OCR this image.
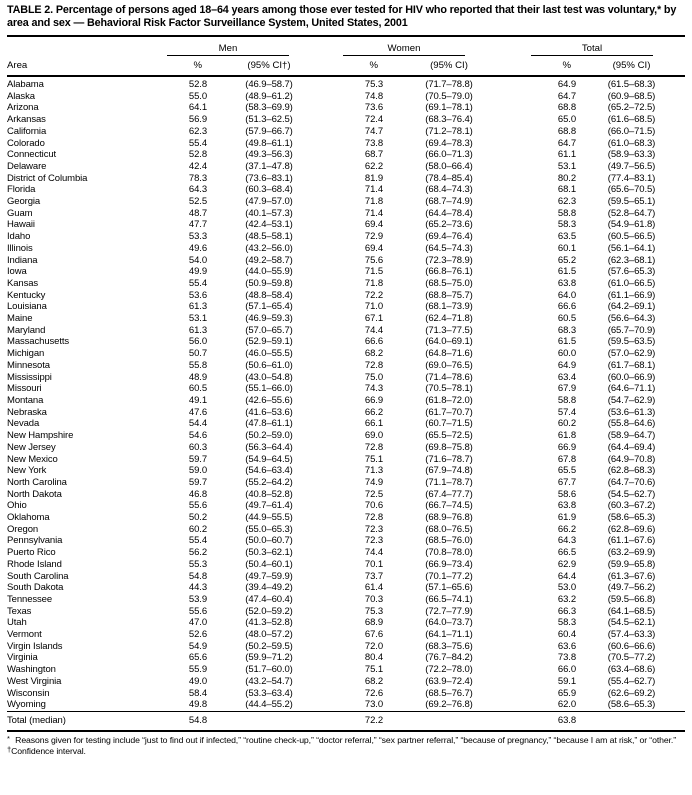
TABLE 2. Percentage of persons aged 18–64 years among those ever tested for HIV who reported that their last test was voluntary,* by area and sex — Behavioral Risk Factor Surveillance System, United States, 2001

	Men		Women		Total	

Area	%	(95% CI†)	%	(95% CI)	%	(95% CI)
Alabama	52.8	(46.9–58.7)	75.3	(71.7–78.8)	64.9	(61.5–68.3)
Alaska	55.0	(48.9–61.2)	74.8	(70.5–79.0)	64.7	(60.9–68.5)
Arizona	64.1	(58.3–69.9)	73.6	(69.1–78.1)	68.8	(65.2–72.5)
Arkansas	56.9	(51.3–62.5)	72.4	(68.3–76.4)	65.0	(61.6–68.5)
California	62.3	(57.9–66.7)	74.7	(71.2–78.1)	68.8	(66.0–71.5)
Colorado	55.4	(49.8–61.1)	73.8	(69.4–78.3)	64.7	(61.0–68.3)
Connecticut	52.8	(49.3–56.3)	68.7	(66.0–71.3)	61.1	(58.9–63.3)
Delaware	42.4	(37.1–47.8)	62.2	(58.0–66.4)	53.1	(49.7–56.5)
District of Columbia	78.3	(73.6–83.1)	81.9	(78.4–85.4)	80.2	(77.4–83.1)
Florida	64.3	(60.3–68.4)	71.4	(68.4–74.3)	68.1	(65.6–70.5)
Georgia	52.5	(47.9–57.0)	71.8	(68.7–74.9)	62.3	(59.5–65.1)
Guam	48.7	(40.1–57.3)	71.4	(64.4–78.4)	58.8	(52.8–64.7)
Hawaii	47.7	(42.4–53.1)	69.4	(65.2–73.6)	58.3	(54.9–61.8)
Idaho	53.3	(48.5–58.1)	72.9	(69.4–76.4)	63.5	(60.5–66.5)
Illinois	49.6	(43.2–56.0)	69.4	(64.5–74.3)	60.1	(56.1–64.1)
Indiana	54.0	(49.2–58.7)	75.6	(72.3–78.9)	65.2	(62.3–68.1)
Iowa	49.9	(44.0–55.9)	71.5	(66.8–76.1)	61.5	(57.6–65.3)
Kansas	55.4	(50.9–59.8)	71.8	(68.5–75.0)	63.8	(61.0–66.5)
Kentucky	53.6	(48.8–58.4)	72.2	(68.8–75.7)	64.0	(61.1–66.9)
Louisiana	61.3	(57.1–65.4)	71.0	(68.1–73.9)	66.6	(64.2–69.1)
Maine	53.1	(46.9–59.3)	67.1	(62.4–71.8)	60.5	(56.6–64.3)
Maryland	61.3	(57.0–65.7)	74.4	(71.3–77.5)	68.3	(65.7–70.9)
Massachusetts	56.0	(52.9–59.1)	66.6	(64.0–69.1)	61.5	(59.5–63.5)
Michigan	50.7	(46.0–55.5)	68.2	(64.8–71.6)	60.0	(57.0–62.9)
Minnesota	55.8	(50.6–61.0)	72.8	(69.0–76.5)	64.9	(61.7–68.1)
Mississippi	48.9	(43.0–54.8)	75.0	(71.4–78.6)	63.4	(60.0–66.9)
Missouri	60.5	(55.1–66.0)	74.3	(70.5–78.1)	67.9	(64.6–71.1)
Montana	49.1	(42.6–55.6)	66.9	(61.8–72.0)	58.8	(54.7–62.9)
Nebraska	47.6	(41.6–53.6)	66.2	(61.7–70.7)	57.4	(53.6–61.3)
Nevada	54.4	(47.8–61.1)	66.1	(60.7–71.5)	60.2	(55.8–64.6)
New Hampshire	54.6	(50.2–59.0)	69.0	(65.5–72.5)	61.8	(58.9–64.7)
New Jersey	60.3	(56.3–64.4)	72.8	(69.8–75.8)	66.9	(64.4–69.4)
New Mexico	59.7	(54.9–64.5)	75.1	(71.6–78.7)	67.8	(64.9–70.8)
New York	59.0	(54.6–63.4)	71.3	(67.9–74.8)	65.5	(62.8–68.3)
North Carolina	59.7	(55.2–64.2)	74.9	(71.1–78.7)	67.7	(64.7–70.6)
North Dakota	46.8	(40.8–52.8)	72.5	(67.4–77.7)	58.6	(54.5–62.7)
Ohio	55.6	(49.7–61.4)	70.6	(66.7–74.5)	63.8	(60.3–67.2)
Oklahoma	50.2	(44.9–55.5)	72.8	(68.9–76.8)	61.9	(58.6–65.3)
Oregon	60.2	(55.0–65.3)	72.3	(68.0–76.5)	66.2	(62.8–69.6)
Pennsylvania	55.4	(50.0–60.7)	72.3	(68.5–76.0)	64.3	(61.1–67.6)
Puerto Rico	56.2	(50.3–62.1)	74.4	(70.8–78.0)	66.5	(63.2–69.9)
Rhode Island	55.3	(50.4–60.1)	70.1	(66.9–73.4)	62.9	(59.9–65.8)
South Carolina	54.8	(49.7–59.9)	73.7	(70.1–77.2)	64.4	(61.3–67.6)
South Dakota	44.3	(39.4–49.2)	61.4	(57.1–65.6)	53.0	(49.7–56.2)
Tennessee	53.9	(47.4–60.4)	70.3	(66.5–74.1)	63.2	(59.5–66.8)
Texas	55.6	(52.0–59.2)	75.3	(72.7–77.9)	66.3	(64.1–68.5)
Utah	47.0	(41.3–52.8)	68.9	(64.0–73.7)	58.3	(54.5–62.1)
Vermont	52.6	(48.0–57.2)	67.6	(64.1–71.1)	60.4	(57.4–63.3)
Virgin Islands	54.9	(50.2–59.5)	72.0	(68.3–75.6)	63.6	(60.6–66.6)
Virginia	65.6	(59.9–71.2)	80.4	(76.7–84.2)	73.8	(70.5–77.2)
Washington	55.9	(51.7–60.0)	75.1	(72.2–78.0)	66.0	(63.4–68.6)
West Virginia	49.0	(43.2–54.7)	68.2	(63.9–72.4)	59.1	(55.4–62.7)
Wisconsin	58.4	(53.3–63.4)	72.6	(68.5–76.7)	65.9	(62.6–69.2)
Wyoming	49.8	(44.4–55.2)	73.0	(69.2–76.8)	62.0	(58.6–65.3)
Total (median)	54.8		72.2		63.8	

* Reasons given for testing include “just to find out if infected,” “routine check-up,” “doctor referral,” “sex partner referral,” “because of pregnancy,” “because I am at risk,” or “other.”

†Confidence interval.
